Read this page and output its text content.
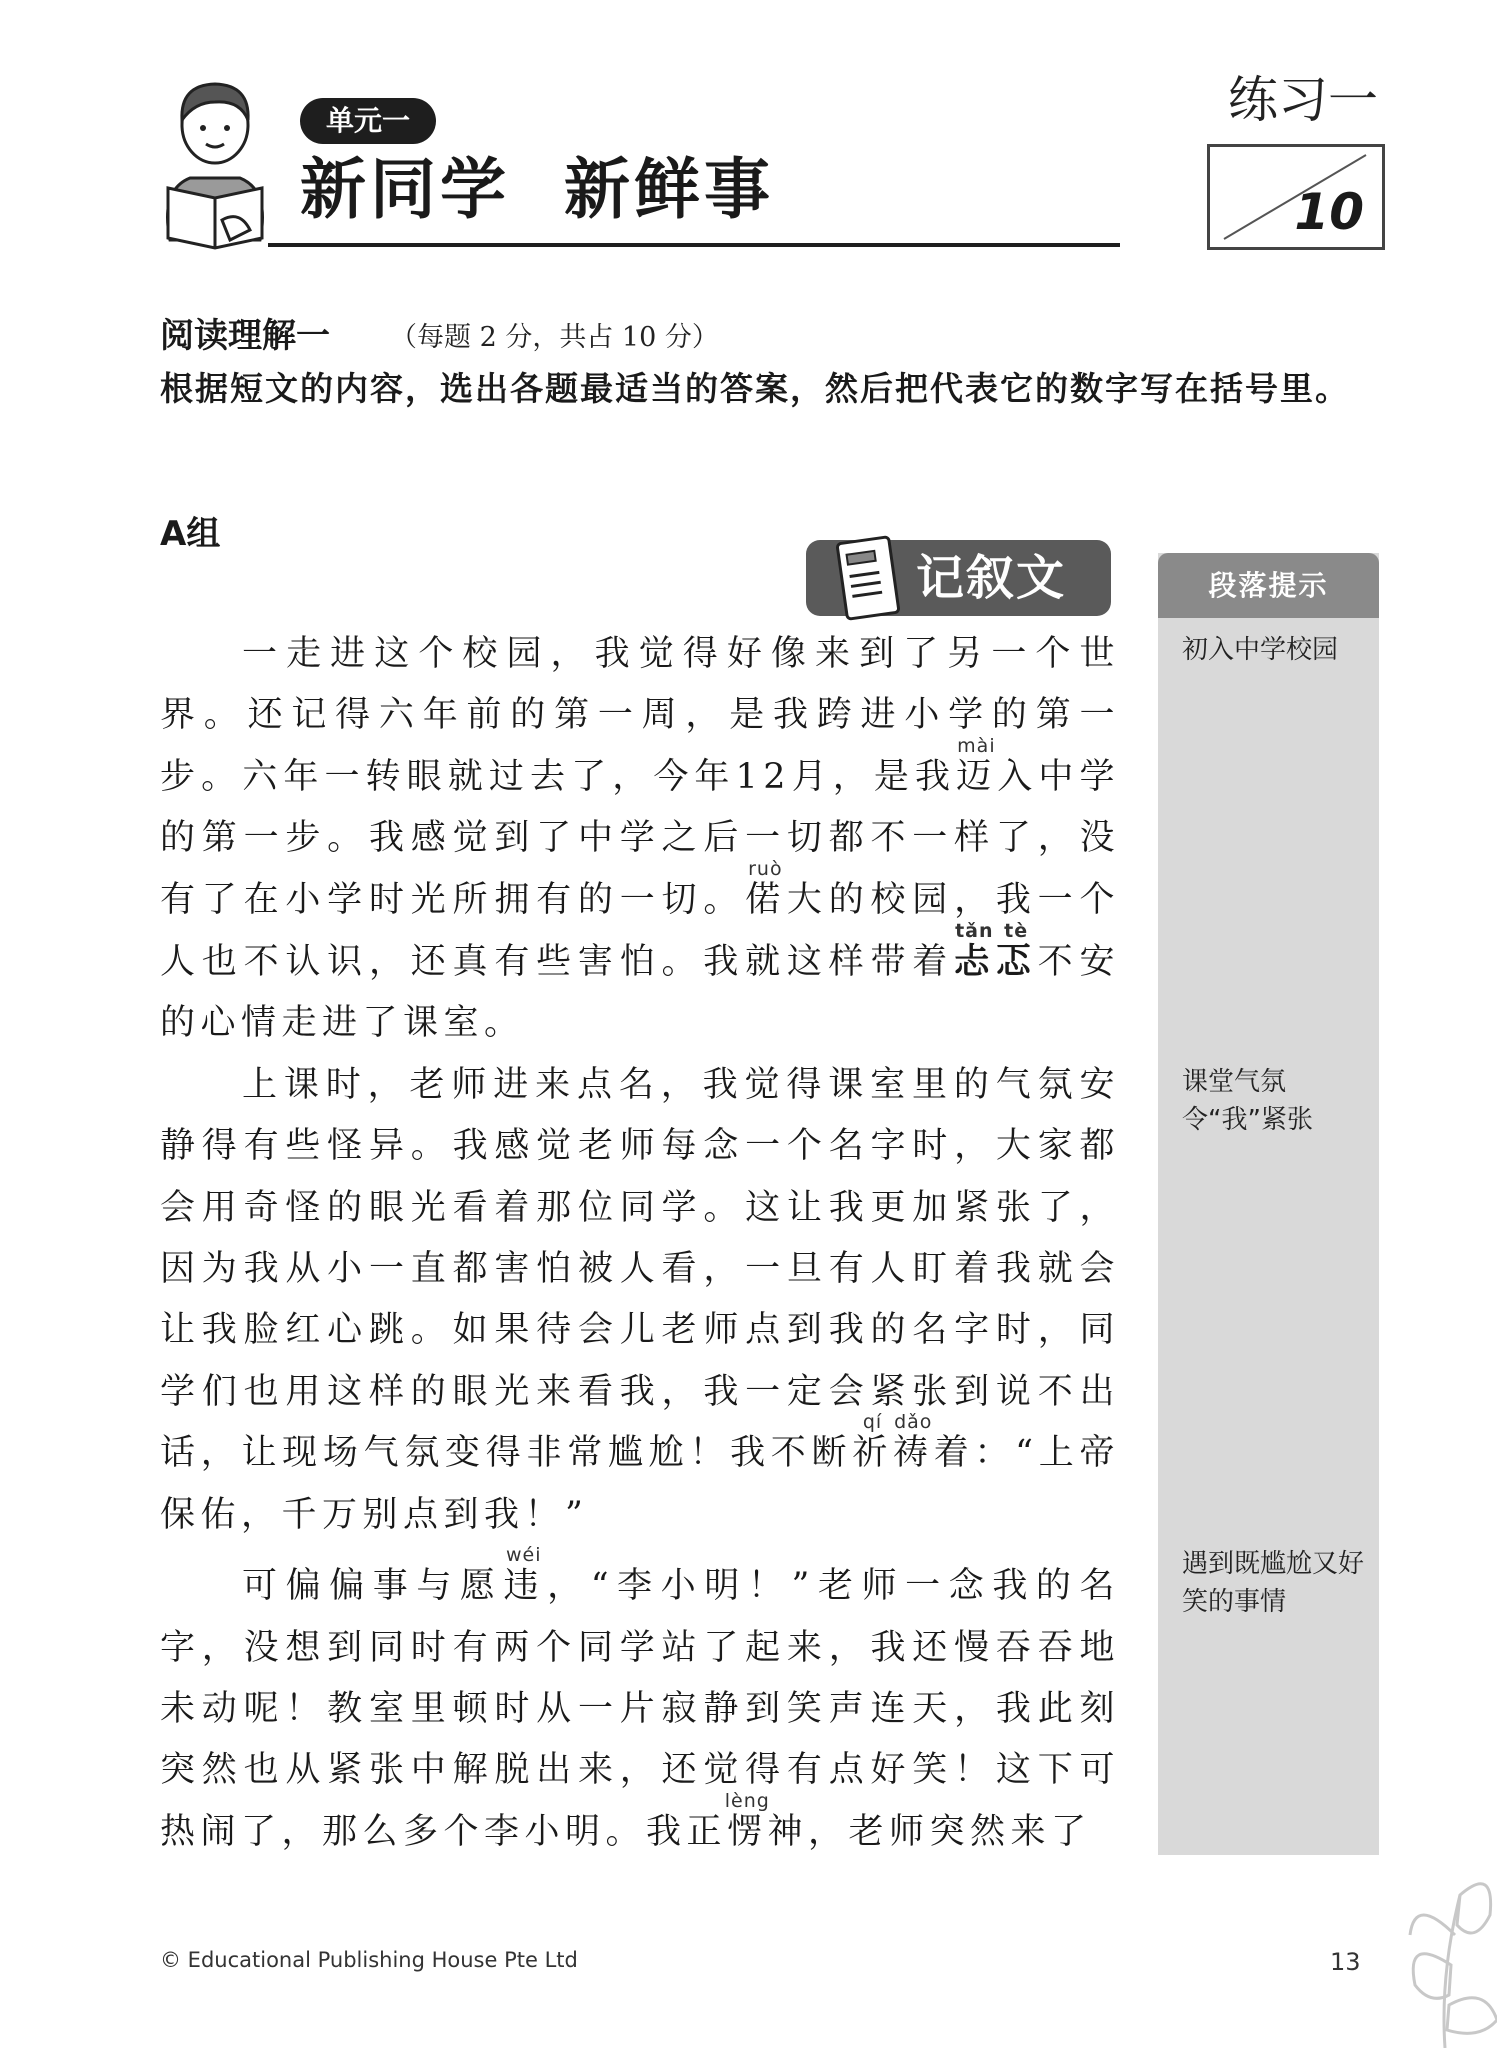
单元一
新同学  新鲜事
练习一
10
阅读理解一 （每题 2 分，共占 10 分）
根据短文的内容，选出各题最适当的答案，然后把代表它的数字写在括号里。
A组
记叙文	段落提示
初入中学校园
课堂气氛令“我”紧张
遇到既尴尬又好笑的事情

一走进这个校园，我觉得好像来到了另一个世界。还记得六年前的第一周，是我跨进小学的第一步。六年一转眼就过去了，今年12月，是我迈mài入中学的第一步。我感觉到了中学之后一切都不一样了，没有了在小学时光所拥有的一切。偌ruò大的校园，我一个人也不认识，还真有些害怕。我就这样带着忐tǎn忑tè不安的心情走进了课室。

上课时，老师进来点名，我觉得课室里的气氛安静得有些怪异。我感觉老师每念一个名字时，大家都会用奇怪的眼光看着那位同学。这让我更加紧张了，因为我从小一直都害怕被人看，一旦有人盯着我就会让我脸红心跳。如果待会儿老师点到我的名字时，同学们也用这样的眼光来看我，我一定会紧张到说不出话，让现场气氛变得非常尴尬！我不断祈qí祷dǎo着：“上帝保佑，千万别点到我！”

可偏偏事与愿违wéi，“李小明！”老师一念我的名字，没想到同时有两个同学站了起来，我还慢吞吞地未动呢！教室里顿时从一片寂静到笑声连天，我此刻突然也从紧张中解脱出来，还觉得有点好笑！这下可热闹了，那么多个李小明。我正愣lèng神，老师突然来了

© Educational Publishing House Pte Ltd	13
